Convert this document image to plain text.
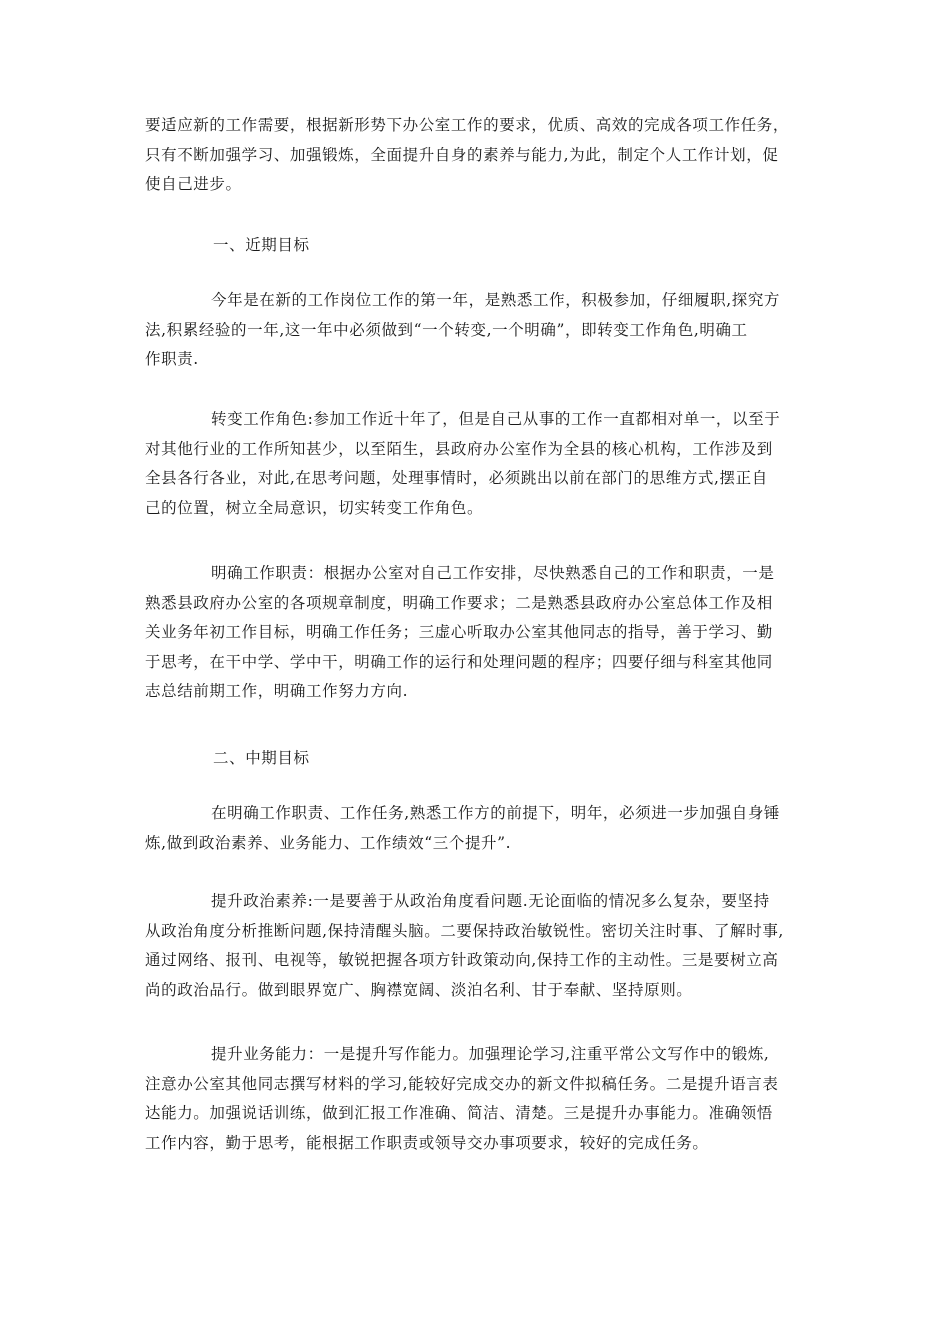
要适应新的工作需要，根据新形势下办公室工作的要求，优质、高效的完成各项工作任务，
只有不断加强学习、加强锻炼，全面提升自身的素养与能力,为此，制定个人工作计划，促
使自己进步。
一、近期目标
今年是在新的工作岗位工作的第一年，是熟悉工作，积极参加，仔细履职,探究方
法,积累经验的一年,这一年中必须做到“一个转变,一个明确”，即转变工作角色,明确工
作职责.
转变工作角色:参加工作近十年了，但是自己从事的工作一直都相对单一，以至于
对其他行业的工作所知甚少，以至陌生，县政府办公室作为全县的核心机构，工作涉及到
全县各行各业，对此,在思考问题，处理事情时，必须跳出以前在部门的思维方式,摆正自
己的位置，树立全局意识，切实转变工作角色。
明确工作职责：根据办公室对自己工作安排，尽快熟悉自己的工作和职责，一是
熟悉县政府办公室的各项规章制度，明确工作要求；二是熟悉县政府办公室总体工作及相
关业务年初工作目标，明确工作任务；三虚心听取办公室其他同志的指导，善于学习、勤
于思考，在干中学、学中干，明确工作的运行和处理问题的程序；四要仔细与科室其他同
志总结前期工作，明确工作努力方向.
二、中期目标
在明确工作职责、工作任务,熟悉工作方的前提下，明年，必须进一步加强自身锤
炼,做到政治素养、业务能力、工作绩效“三个提升”.
提升政治素养:一是要善于从政治角度看问题.无论面临的情况多么复杂，要坚持
从政治角度分析推断问题,保持清醒头脑。二要保持政治敏锐性。密切关注时事、了解时事,
通过网络、报刊、电视等，敏锐把握各项方针政策动向,保持工作的主动性。三是要树立高
尚的政治品行。做到眼界宽广、胸襟宽阔、淡泊名利、甘于奉献、坚持原则。
提升业务能力：一是提升写作能力。加强理论学习,注重平常公文写作中的锻炼,
注意办公室其他同志撰写材料的学习,能较好完成交办的新文件拟稿任务。二是提升语言表
达能力。加强说话训练，做到汇报工作准确、简洁、清楚。三是提升办事能力。准确领悟
工作内容，勤于思考，能根据工作职责或领导交办事项要求，较好的完成任务。
